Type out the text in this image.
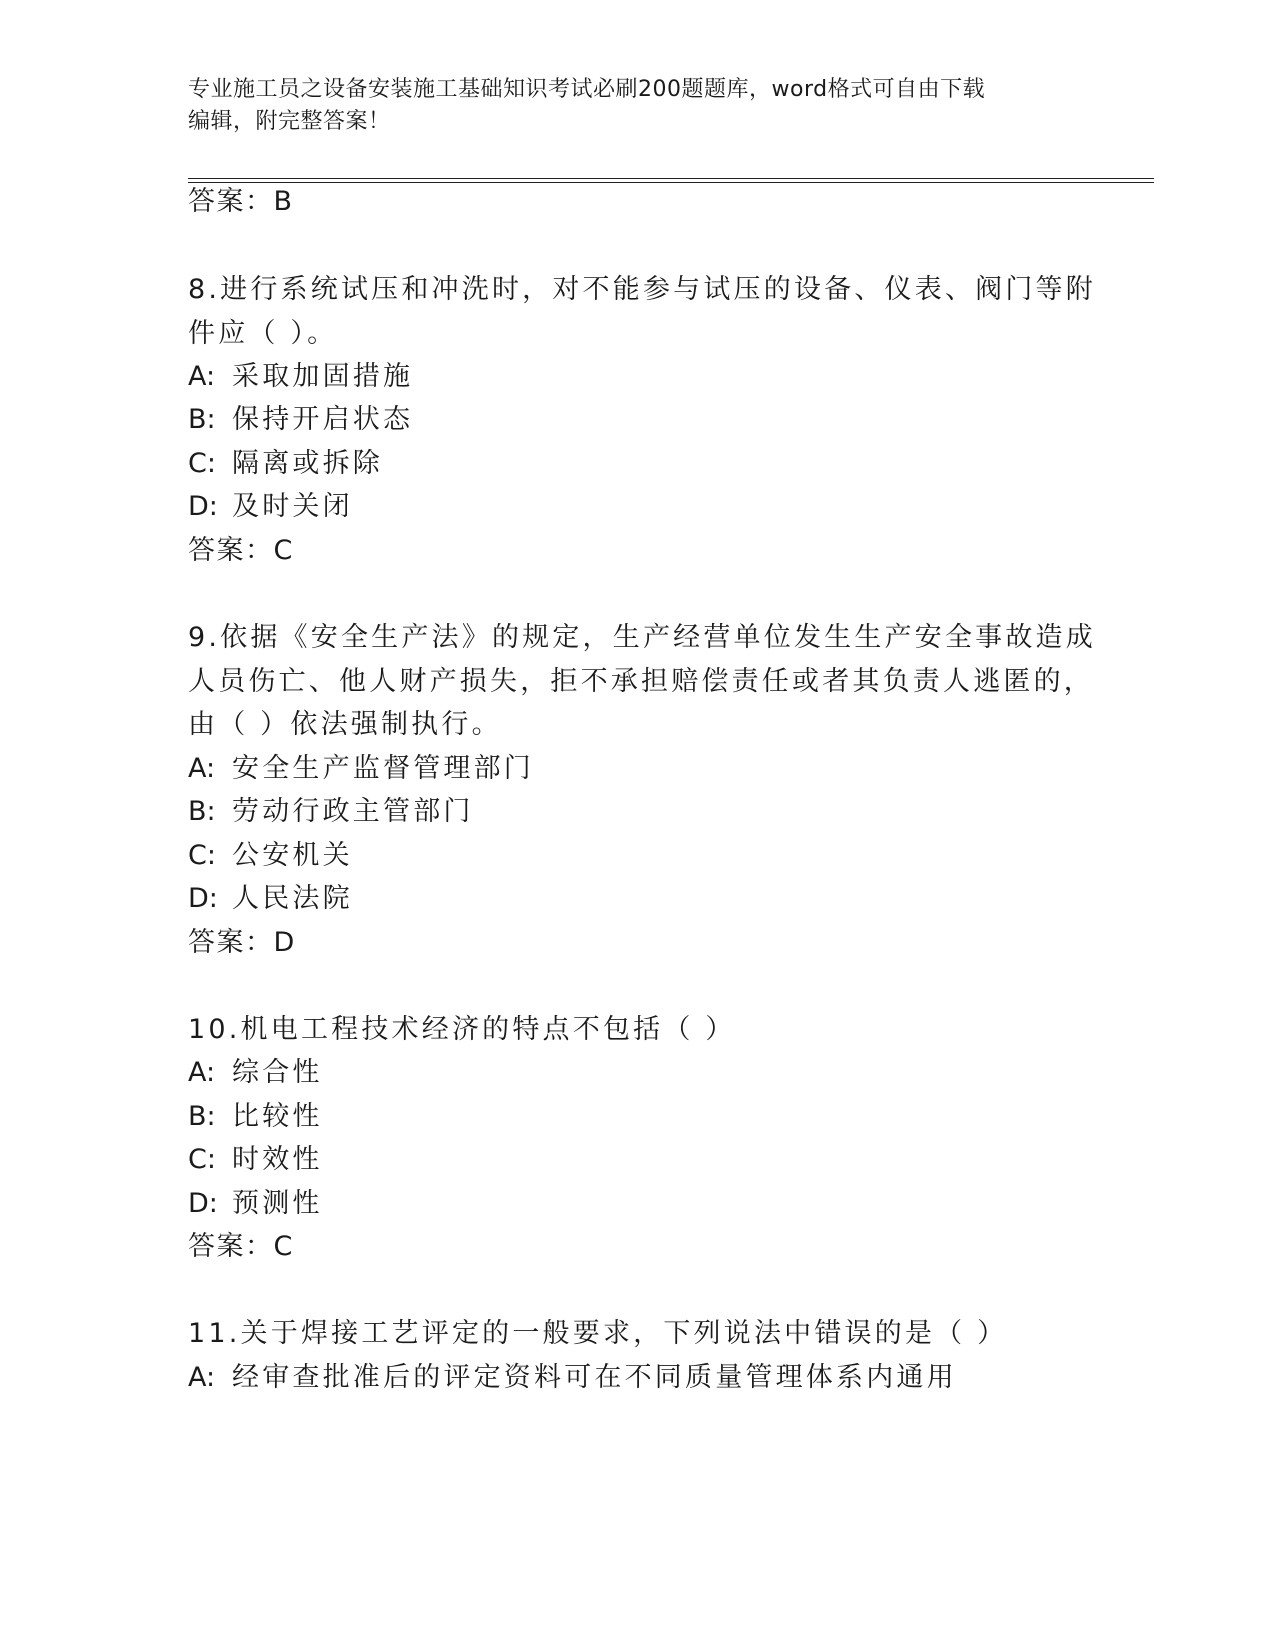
专业施工员之设备安装施工基础知识考试必刷200题题库，word格式可自由下载
编辑，附完整答案！
答案：B
8.进行系统试压和冲洗时，对不能参与试压的设备、仪表、阀门等附
件应（ ）。
A: 采取加固措施
B: 保持开启状态
C: 隔离或拆除
D: 及时关闭
答案：C
9.依据《安全生产法》的规定，生产经营单位发生生产安全事故造成
人员伤亡、他人财产损失，拒不承担赔偿责任或者其负责人逃匿的，
由（ ）依法强制执行。
A: 安全生产监督管理部门
B: 劳动行政主管部门
C: 公安机关
D: 人民法院
答案：D
10.机电工程技术经济的特点不包括（ ）
A: 综合性
B: 比较性
C: 时效性
D: 预测性
答案：C
11.关于焊接工艺评定的一般要求，下列说法中错误的是（ ）
A: 经审查批准后的评定资料可在不同质量管理体系内通用
